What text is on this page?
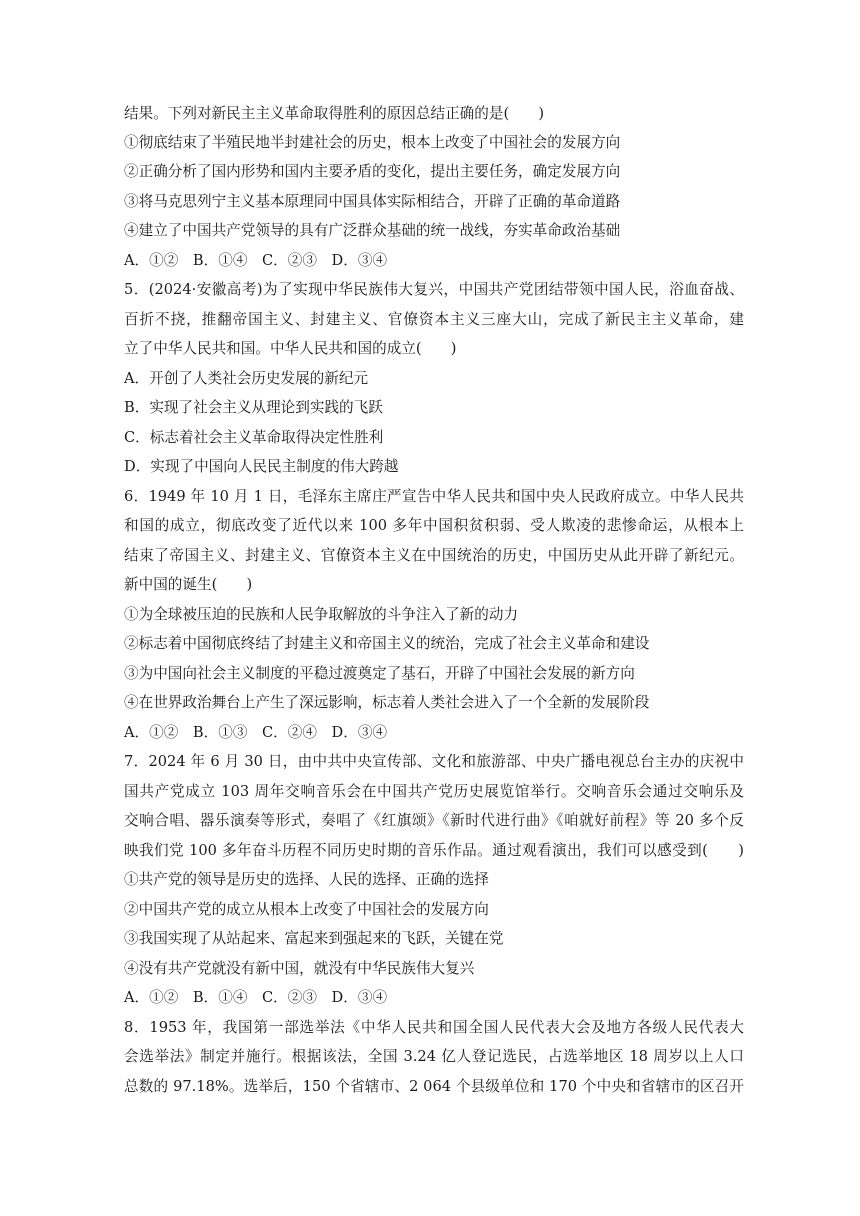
结果。下列对新民主主义革命取得胜利的原因总结正确的是(　　)
①彻底结束了半殖民地半封建社会的历史，根本上改变了中国社会的发展方向
②正确分析了国内形势和国内主要矛盾的变化，提出主要任务，确定发展方向
③将马克思列宁主义基本原理同中国具体实际相结合，开辟了正确的革命道路
④建立了中国共产党领导的具有广泛群众基础的统一战线，夯实革命政治基础
A．①②　B．①④　C．②③　D．③④
5．(2024·安徽高考)为了实现中华民族伟大复兴，中国共产党团结带领中国人民，浴血奋战、
百折不挠，推翻帝国主义、封建主义、官僚资本主义三座大山，完成了新民主主义革命，建
立了中华人民共和国。中华人民共和国的成立(　　)
A．开创了人类社会历史发展的新纪元
B．实现了社会主义从理论到实践的飞跃
C．标志着社会主义革命取得决定性胜利
D．实现了中国向人民民主制度的伟大跨越
6．1949 年 10 月 1 日，毛泽东主席庄严宣告中华人民共和国中央人民政府成立。中华人民共
和国的成立，彻底改变了近代以来 100 多年中国积贫积弱、受人欺凌的悲惨命运，从根本上
结束了帝国主义、封建主义、官僚资本主义在中国统治的历史，中国历史从此开辟了新纪元。
新中国的诞生(　　)
①为全球被压迫的民族和人民争取解放的斗争注入了新的动力
②标志着中国彻底终结了封建主义和帝国主义的统治，完成了社会主义革命和建设
③为中国向社会主义制度的平稳过渡奠定了基石，开辟了中国社会发展的新方向
④在世界政治舞台上产生了深远影响，标志着人类社会进入了一个全新的发展阶段
A．①②　B．①③　C．②④　D．③④
7．2024 年 6 月 30 日，由中共中央宣传部、文化和旅游部、中央广播电视总台主办的庆祝中
国共产党成立 103 周年交响音乐会在中国共产党历史展览馆举行。交响音乐会通过交响乐及
交响合唱、器乐演奏等形式，奏唱了《红旗颂》《新时代进行曲》《咱就好前程》等 20 多个反
映我们党 100 多年奋斗历程不同历史时期的音乐作品。通过观看演出，我们可以感受到(　　)
①共产党的领导是历史的选择、人民的选择、正确的选择
②中国共产党的成立从根本上改变了中国社会的发展方向
③我国实现了从站起来、富起来到强起来的飞跃，关键在党
④没有共产党就没有新中国，就没有中华民族伟大复兴
A．①②　B．①④　C．②③　D．③④
8．1953 年，我国第一部选举法《中华人民共和国全国人民代表大会及地方各级人民代表大
会选举法》制定并施行。根据该法，全国 3.24 亿人登记选民，占选举地区 18 周岁以上人口
总数的 97.18%。选举后，150 个省辖市、2 064 个县级单位和 170 个中央和省辖市的区召开
